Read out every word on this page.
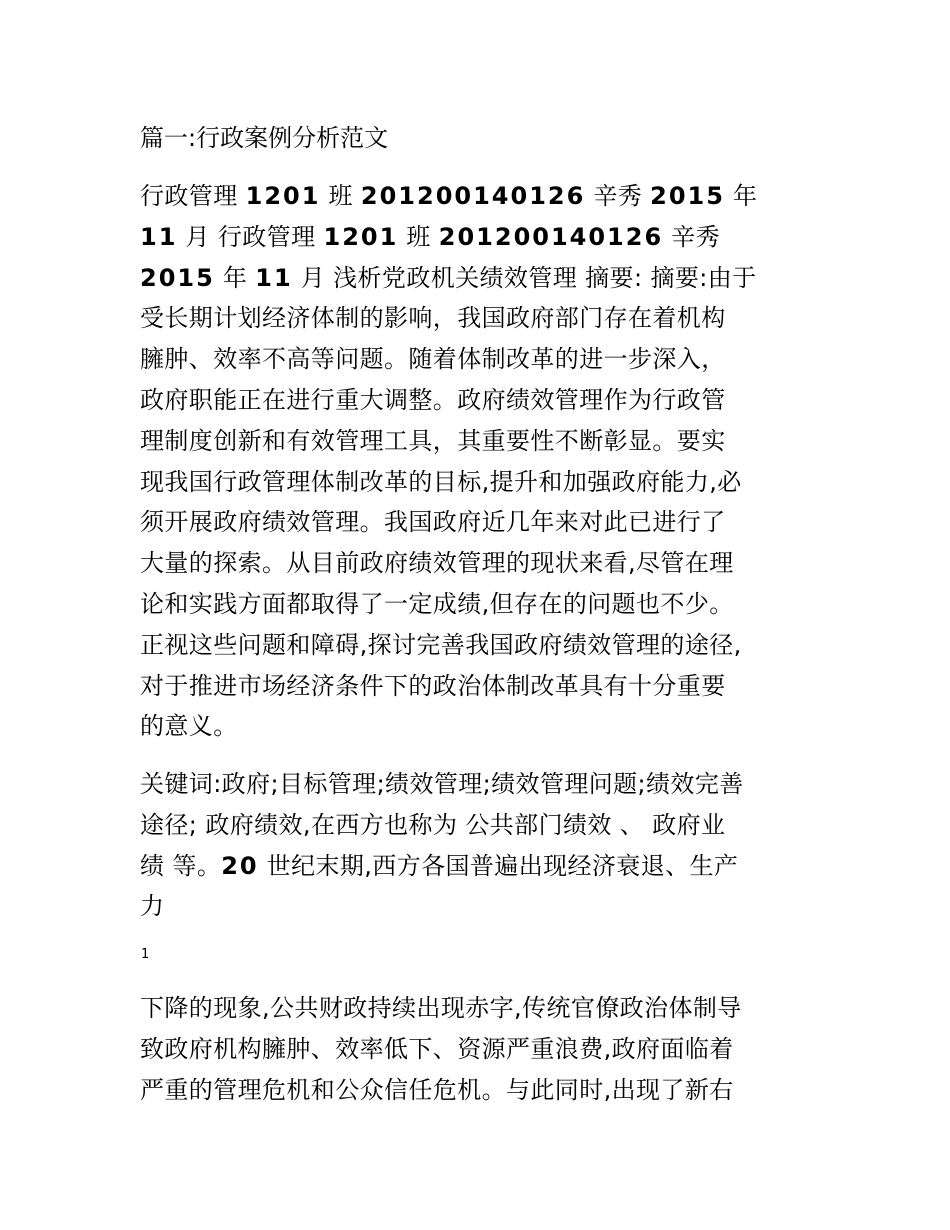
篇一:行政案例分析范文
行政管理 1201 班 201200140126 辛秀 2015 年
11 月 行政管理 1201 班 201200140126 辛秀
2015 年 11 月 浅析党政机关绩效管理 摘要: 摘要:由于
受长期计划经济体制的影响，我国政府部门存在着机构
臃肿、效率不高等问题。随着体制改革的进一步深入，
政府职能正在进行重大调整。政府绩效管理作为行政管
理制度创新和有效管理工具，其重要性不断彰显。要实
现我国行政管理体制改革的目标,提升和加强政府能力,必
须开展政府绩效管理。我国政府近几年来对此已进行了
大量的探索。从目前政府绩效管理的现状来看,尽管在理
论和实践方面都取得了一定成绩,但存在的问题也不少。
正视这些问题和障碍,探讨完善我国政府绩效管理的途径,
对于推进市场经济条件下的政治体制改革具有十分重要
的意义。
关键词:政府;目标管理;绩效管理;绩效管理问题;绩效完善
途径; 政府绩效,在西方也称为 公共部门绩效 、 政府业
绩 等。20 世纪末期,西方各国普遍出现经济衰退、生产
力
1
下降的现象,公共财政持续出现赤字,传统官僚政治体制导
致政府机构臃肿、效率低下、资源严重浪费,政府面临着
严重的管理危机和公众信任危机。与此同时,出现了新右
